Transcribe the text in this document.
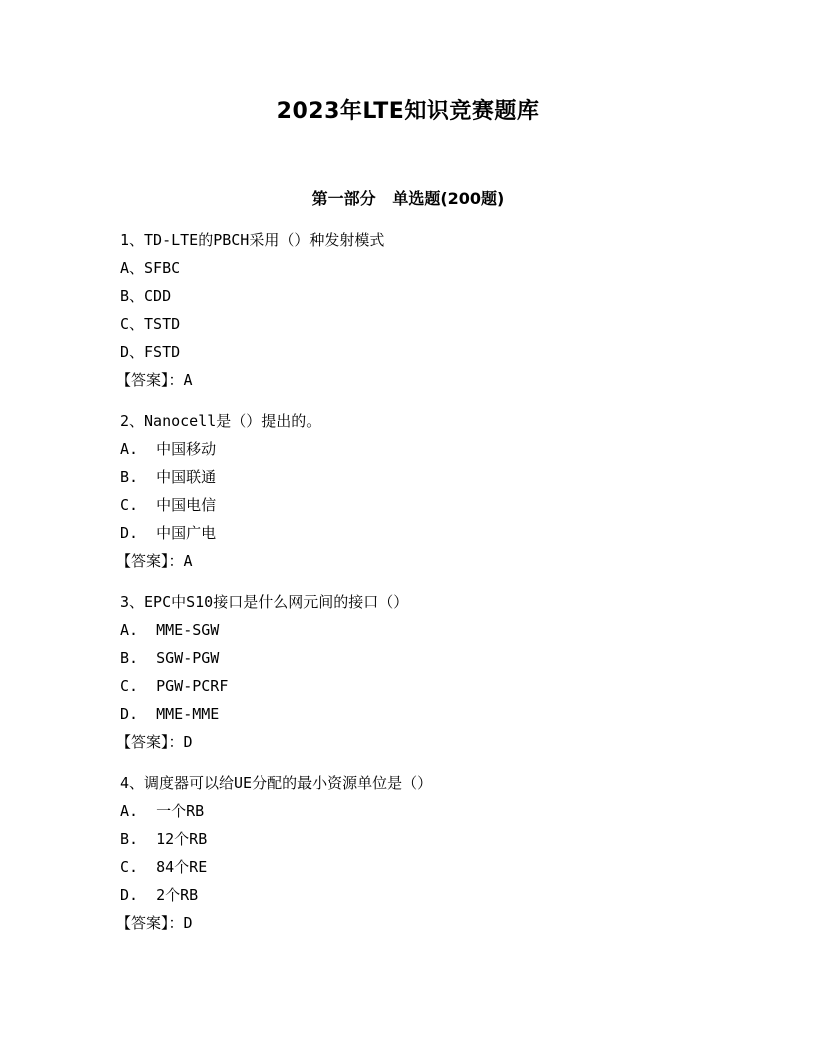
2023年LTE知识竞赛题库
第一部分   单选题(200题)
1、TD-LTE的PBCH采用（）种发射模式
A、SFBC
B、CDD
C、TSTD
D、FSTD
【答案】：A
2、Nanocell是（）提出的。
A.  中国移动
B.  中国联通
C.  中国电信
D.  中国广电
【答案】：A
3、EPC中S10接口是什么网元间的接口（）
A.  MME-SGW
B.  SGW-PGW
C.  PGW-PCRF
D.  MME-MME
【答案】：D
4、调度器可以给UE分配的最小资源单位是（）
A.  一个RB
B.  12个RB
C.  84个RE
D.  2个RB
【答案】：D
